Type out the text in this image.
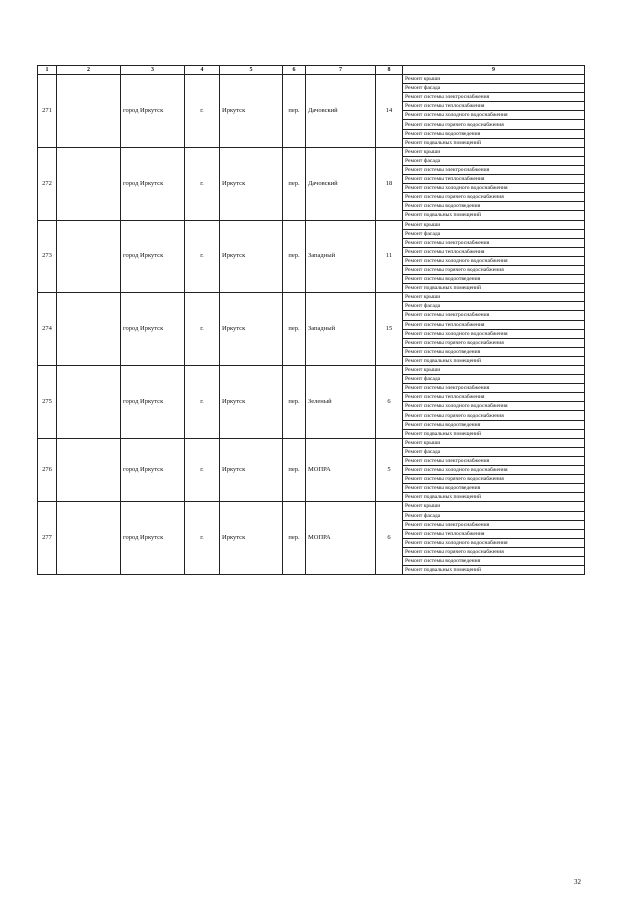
1	2	3	4	5	6	7	8	9
271		город Иркутск	г.	Иркутск	пер.	Дачовский	14	Ремонт крыши
								Ремонт фасада
								Ремонт системы электроснабжения
								Ремонт системы теплоснабжения
								Ремонт системы холодного водоснабжения
								Ремонт системы горячего водоснабжения
								Ремонт системы водоотведения
								Ремонт подвальных помещений
272		город Иркутск	г.	Иркутск	пер.	Дачовский	18	Ремонт крыши
								Ремонт фасада
								Ремонт системы электроснабжения
								Ремонт системы теплоснабжения
								Ремонт системы холодного водоснабжения
								Ремонт системы горячего водоснабжения
								Ремонт системы водоотведения
								Ремонт подвальных помещений
273		город Иркутск	г.	Иркутск	пер.	Западный	11	Ремонт крыши
								Ремонт фасада
								Ремонт системы электроснабжения
								Ремонт системы теплоснабжения
								Ремонт системы холодного водоснабжения
								Ремонт системы горячего водоснабжения
								Ремонт системы водоотведения
								Ремонт подвальных помещений
274		город Иркутск	г.	Иркутск	пер.	Западный	15	Ремонт крыши
								Ремонт фасада
								Ремонт системы электроснабжения
								Ремонт системы теплоснабжения
								Ремонт системы холодного водоснабжения
								Ремонт системы горячего водоснабжения
								Ремонт системы водоотведения
								Ремонт подвальных помещений
275		город Иркутск	г.	Иркутск	пер.	Зеленый	6	Ремонт крыши
								Ремонт фасада
								Ремонт системы электроснабжения
								Ремонт системы теплоснабжения
								Ремонт системы холодного водоснабжения
								Ремонт системы горячего водоснабжения
								Ремонт системы водоотведения
								Ремонт подвальных помещений
276		город Иркутск	г.	Иркутск	пер.	МОПРА	5	Ремонт крыши
								Ремонт фасада
								Ремонт системы электроснабжения
								Ремонт системы холодного водоснабжения
								Ремонт системы горячего водоснабжения
								Ремонт системы водоотведения
								Ремонт подвальных помещений
277		город Иркутск	г.	Иркутск	пер.	МОПРА	6	Ремонт крыши
								Ремонт фасада
								Ремонт системы электроснабжения
								Ремонт системы теплоснабжения
								Ремонт системы холодного водоснабжения
								Ремонт системы горячего водоснабжения
								Ремонт системы водоотведения
								Ремонт подвальных помещений
32
